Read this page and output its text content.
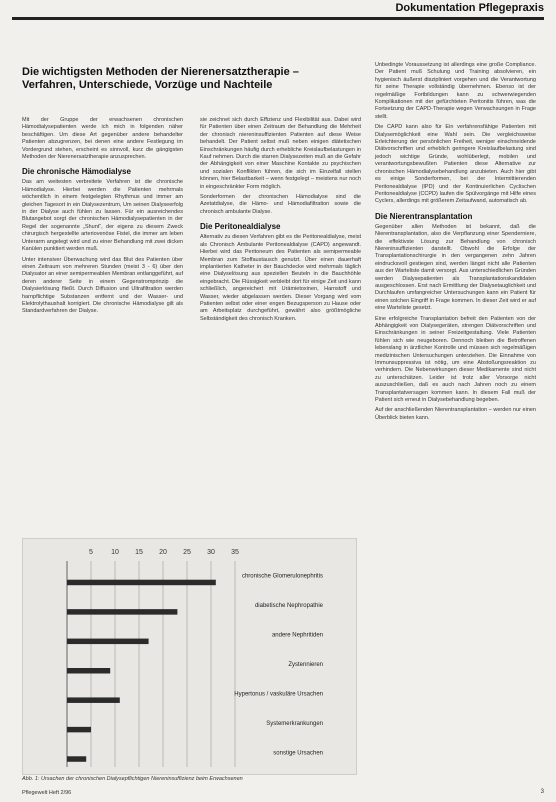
Dokumentation Pflegepraxis
Die wichtigsten Methoden der Nierenersatztherapie – Verfahren, Unterschiede, Vorzüge und Nachteile

Mit der Gruppe der erwachsenen chronischen Hämodialysepatienten werde ich mich in folgenden näher beschäftigen. Um diese Art gegenüber andere behandelter Patienten abzugrenzen, bei denen eine andere Festlegung im Vordergrund stehen, erscheint es sinnvoll, kurz die gängigsten Methoden der Nierenersatztherapie anzusprechen.

Die chronische Hämodialyse

Das am weitesten verbreitete Verfahren ist die chronische Hämodialyse. Hierbei werden die Patienten mehrmals wöchentlich in einem festgelegten Rhythmus und immer am gleichen Tagesort in ein Dialysezentrum, Um seinen Dialyseerfolg in der Dialyse auch fühlen zu lassen. Für ein ausreichendes Blutangebot sorgt der chronischen Hämodialysepatienten in der Regel der sogenannte „Shunt“, der eigens zu diesem Zweck chirurgisch hergestellte arteriovenöse Fistel, die immer am leben Unterarm angelegt wird und zu einer Behandlung mit zwei dicken Kanülen punktiert werden muß.

Unter intensiver Überwachung wird das Blut des Patienten über einen Zeitraum von mehreren Stunden (meist 3 - 6) über den Dialysator an einer semipermeablen Membran entlanggeführt, auf deren anderer Seite in einem Gegenstromprinzip die Dialysierlösung fließt. Durch Diffusion und Ultrafiltration werden harnpflichtige Substanzen entfernt und der Wasser- und Elektrolythaushalt korrigiert. Die chronische Hämodialyse gilt als Standardverfahren der Dialyse.

sie zeichnet sich durch Effizienz und Flexibilität aus. Dabei wird für Patienten über einen Zeitraum der Behandlung die Mehrheit der chronisch niereninsuffizienten Patienten auf diese Weise behandelt. Der Patient selbst muß neben einigen diätetischen Einschränkungen häufig durch erhebliche Kreislaufbelastungen in Kauf nehmen. Durch die starren Dialysezeiten muß an die Gefahr der Abhängigkeit von einer Maschine Kontakte zu psychischen und sozialen Konflikten führen, die sich im Einzelfall stellen können, hier Belastbarkeit – wenn festgelegt – meistens nur noch in eingeschränkter Form möglich.

Sonderformen der chronischen Hämodialyse sind die Azetatdialyse, die Hämo- und Hämodiafiltration sowie die chronisch ambulante Dialyse.

Die Peritonealdialyse

Alternativ zu diesen Verfahren gibt es die Peritonealdialyse, meist als Chronisch Ambulante Peritonealdialyse (CAPD) angewandt. Hierbei wird das Peritoneum des Patienten als semipermeable Membran zum Stoffaustausch genutzt. Über einen dauerhaft implantierten Katheter in der Bauchdecke wird mehrmals täglich eine Dialyselösung aus speziellen Beuteln in die Bauchhöhle eingebracht. Die Flüssigkeit verbleibt dort für einige Zeit und kann schließlich, angereichert mit Urämietoxinen, Harnstoff und Wasser, wieder abgelassen werden. Dieser Vorgang wird vom Patienten selbst oder einer engen Bezugsperson zu Hause oder am Arbeitsplatz durchgeführt, gewährt also größtmögliche Selbständigkeit des chronisch Kranken.

Unbedingte Voraussetzung ist allerdings eine große Compliance. Der Patient muß Schulung und Training absolvieren, ein hygienisch äußerst diszipliniert vorgehen und die Verantwortung für seine Therapie vollständig übernehmen. Ebenso ist der regelmäßige Fortbildungen kann zu schwerwiegenden Komplikationen mit der gefürchteten Peritonitis führen, was die Fortsetzung der CAPD-Therapie wegen Verwachsungen in Frage stellt.

Die CAPD kann also für Ein verfahrensfähige Patienten mit Dialysemöglichkeit eine Wahl sein. Die vergleichsweise Erleichterung der persönlichen Freiheit, weniger einschneidende Diätvorschriften und erheblich geringere Kreislaufbelastung sind jedoch wichtige Gründe, wohlüberlegt, mobilen und verantwortungsbewußten Patienten diese Alternative zur chronischen Hämodialysebehandlung anzubieten. Auch hier gibt es einige Sonderformen, bei der Intermittierenden Peritonealdialyse (IPD) und der Kontinuierlichen Cyclischen Peritonealdialyse (CCPD) laufen die Spülvorgänge mit Hilfe eines Cyclers, allerdings mit größerem Zeitaufwand, automatisch ab.

Die Nierentransplantation

Gegenüber allen Methoden ist bekannt, daß die Nierentransplantation, also die Verpflanzung einer Spenderniere, die effektivste Lösung zur Behandlung von chronisch Niereninsuffizienten darstellt. Obwohl die Erfolge der Transplantationschirurgie in den vergangenen zehn Jahren eindrucksvoll gestiegen sind, werden längst nicht alle Patienten aus der Warteliste damit versorgt. Aus unterschiedlichen Gründen werden Dialysepatienten als Transplantationskandidaten ausgeschlossen. Erst nach Ermittlung der Dialysetauglichkeit und Durchlaufen umfangreicher Untersuchungen kann ein Patient für einen solchen Eingriff in Frage kommen. In dieser Zeit wird er auf eine Warteliste gesetzt.

Eine erfolgreiche Transplantation befreit den Patienten von der Abhängigkeit von Dialysegeräten, strengen Diätvorschriften und Einschränkungen in seiner Freizeitgestaltung. Viele Patienten fühlen sich wie neugeboren. Dennoch bleiben die Betroffenen lebenslang in ärztlicher Kontrolle und müssen sich regelmäßigen medizinischen Untersuchungen unterziehen. Die Einnahme von Immunsuppressiva ist nötig, um eine Abstoßungsreaktion zu verhindern. Die Nebenwirkungen dieser Medikamente sind nicht zu unterschätzen. Leider ist trotz aller Vorsorge nicht auszuschließen, daß es auch nach Jahren noch zu einem Transplantatversagen kommen kann. In diesem Fall muß der Patient sich erneut in Dialysebehandlung begeben.

Auf der anschließenden Nierentransplantation – werden nur einen Überblick bieten kann.

5	10 15 20 25 30 35
chronische Glomerulonephritis
diabetische Nephropathie
andere Nephritiden
Zystennieren
Hypertonus / vaskuläre Ursachen
Systemerkrankungen
sonstige Ursachen
Abb. 1: Ursachen der chronischen Dialysepflichtigen Niereninsuffizienz beim Erwachsenen
Pflegewelt Heft 2/96	3
